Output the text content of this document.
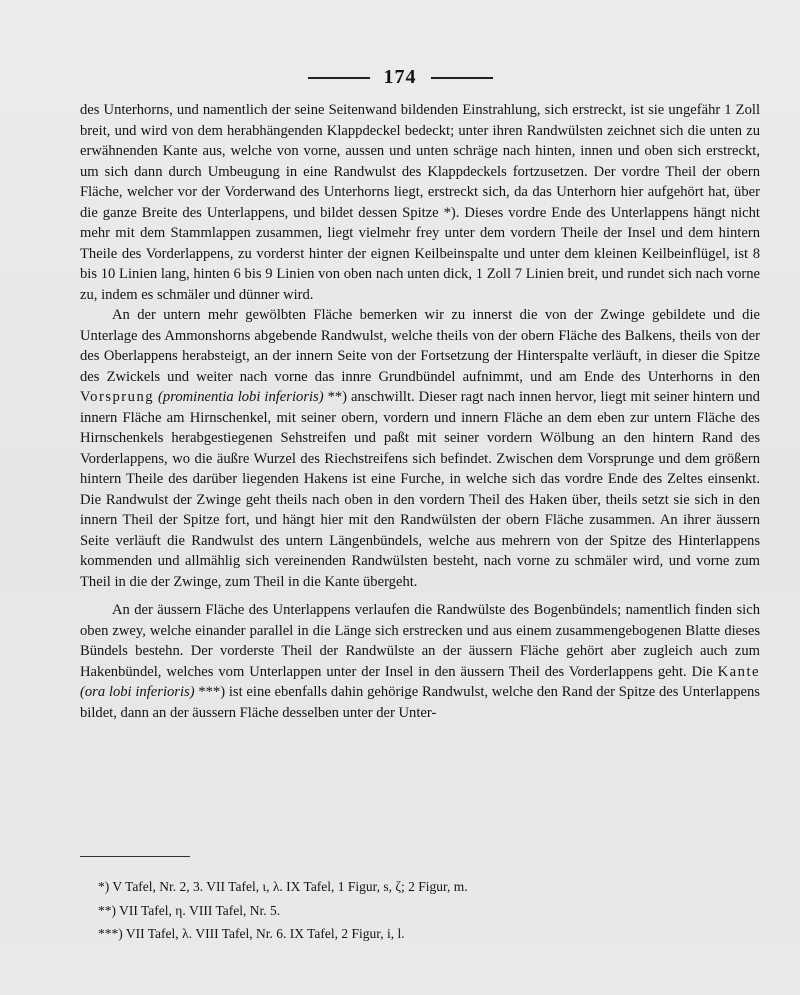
174

des Unterhorns, und namentlich der seine Seitenwand bildenden Einstrahlung, sich erstreckt, ist sie ungefähr 1 Zoll breit, und wird von dem herabhängenden Klappdeckel bedeckt; unter ihren Randwülsten zeichnet sich die unten zu erwähnenden Kante aus, welche von vorne, aussen und unten schräge nach hinten, innen und oben sich erstreckt, um sich dann durch Umbeugung in eine Randwulst des Klappdeckels fortzusetzen. Der vordre Theil der obern Fläche, welcher vor der Vorderwand des Unterhorns liegt, erstreckt sich, da das Unterhorn hier aufgehört hat, über die ganze Breite des Unterlappens, und bildet dessen Spitze *). Dieses vordre Ende des Unterlappens hängt nicht mehr mit dem Stammlappen zusammen, liegt vielmehr frey unter dem vordern Theile der Insel und dem hintern Theile des Vorderlappens, zu vorderst hinter der eignen Keilbeinspalte und unter dem kleinen Keilbeinflügel, ist 8 bis 10 Linien lang, hinten 6 bis 9 Linien von oben nach unten dick, 1 Zoll 7 Linien breit, und rundet sich nach vorne zu, indem es schmäler und dünner wird.

An der untern mehr gewölbten Fläche bemerken wir zu innerst die von der Zwinge gebildete und die Unterlage des Ammonshorns abgebende Randwulst, welche theils von der obern Fläche des Balkens, theils von der des Oberlappens herabsteigt, an der innern Seite von der Fortsetzung der Hinterspalte verläuft, in dieser die Spitze des Zwickels und weiter nach vorne das innre Grundbündel aufnimmt, und am Ende des Unterhorns in den Vorsprung (prominentia lobi inferioris) **) anschwillt. Dieser ragt nach innen hervor, liegt mit seiner hintern und innern Fläche am Hirnschenkel, mit seiner obern, vordern und innern Fläche an dem eben zur untern Fläche des Hirnschenkels herabgestiegenen Sehstreifen und paßt mit seiner vordern Wölbung an den hintern Rand des Vorderlappens, wo die äußre Wurzel des Riechstreifens sich befindet. Zwischen dem Vorsprunge und dem größern hintern Theile des darüber liegenden Hakens ist eine Furche, in welche sich das vordre Ende des Zeltes einsenkt. Die Randwulst der Zwinge geht theils nach oben in den vordern Theil des Haken über, theils setzt sie sich in den innern Theil der Spitze fort, und hängt hier mit den Randwülsten der obern Fläche zusammen. An ihrer äussern Seite verläuft die Randwulst des untern Längenbündels, welche aus mehrern von der Spitze des Hinterlappens kommenden und allmählig sich vereinenden Randwülsten besteht, nach vorne zu schmäler wird, und vorne zum Theil in die der Zwinge, zum Theil in die Kante übergeht.

An der äussern Fläche des Unterlappens verlaufen die Randwülste des Bogenbündels; namentlich finden sich oben zwey, welche einander parallel in die Länge sich erstrecken und aus einem zusammengebogenen Blatte dieses Bündels bestehn. Der vorderste Theil der Randwülste an der äussern Fläche gehört aber zugleich auch zum Hakenbündel, welches vom Unterlappen unter der Insel in den äussern Theil des Vorderlappens geht. Die Kante (ora lobi inferioris) ***) ist eine ebenfalls dahin gehörige Randwulst, welche den Rand der Spitze des Unterlappens bildet, dann an der äussern Fläche desselben unter der Unter-

*) V Tafel, Nr. 2, 3. VII Tafel, ι, λ. IX Tafel, 1 Figur, s, ζ; 2 Figur, m.

**) VII Tafel, η. VIII Tafel, Nr. 5.

***) VII Tafel, λ. VIII Tafel, Nr. 6. IX Tafel, 2 Figur, i, l.
